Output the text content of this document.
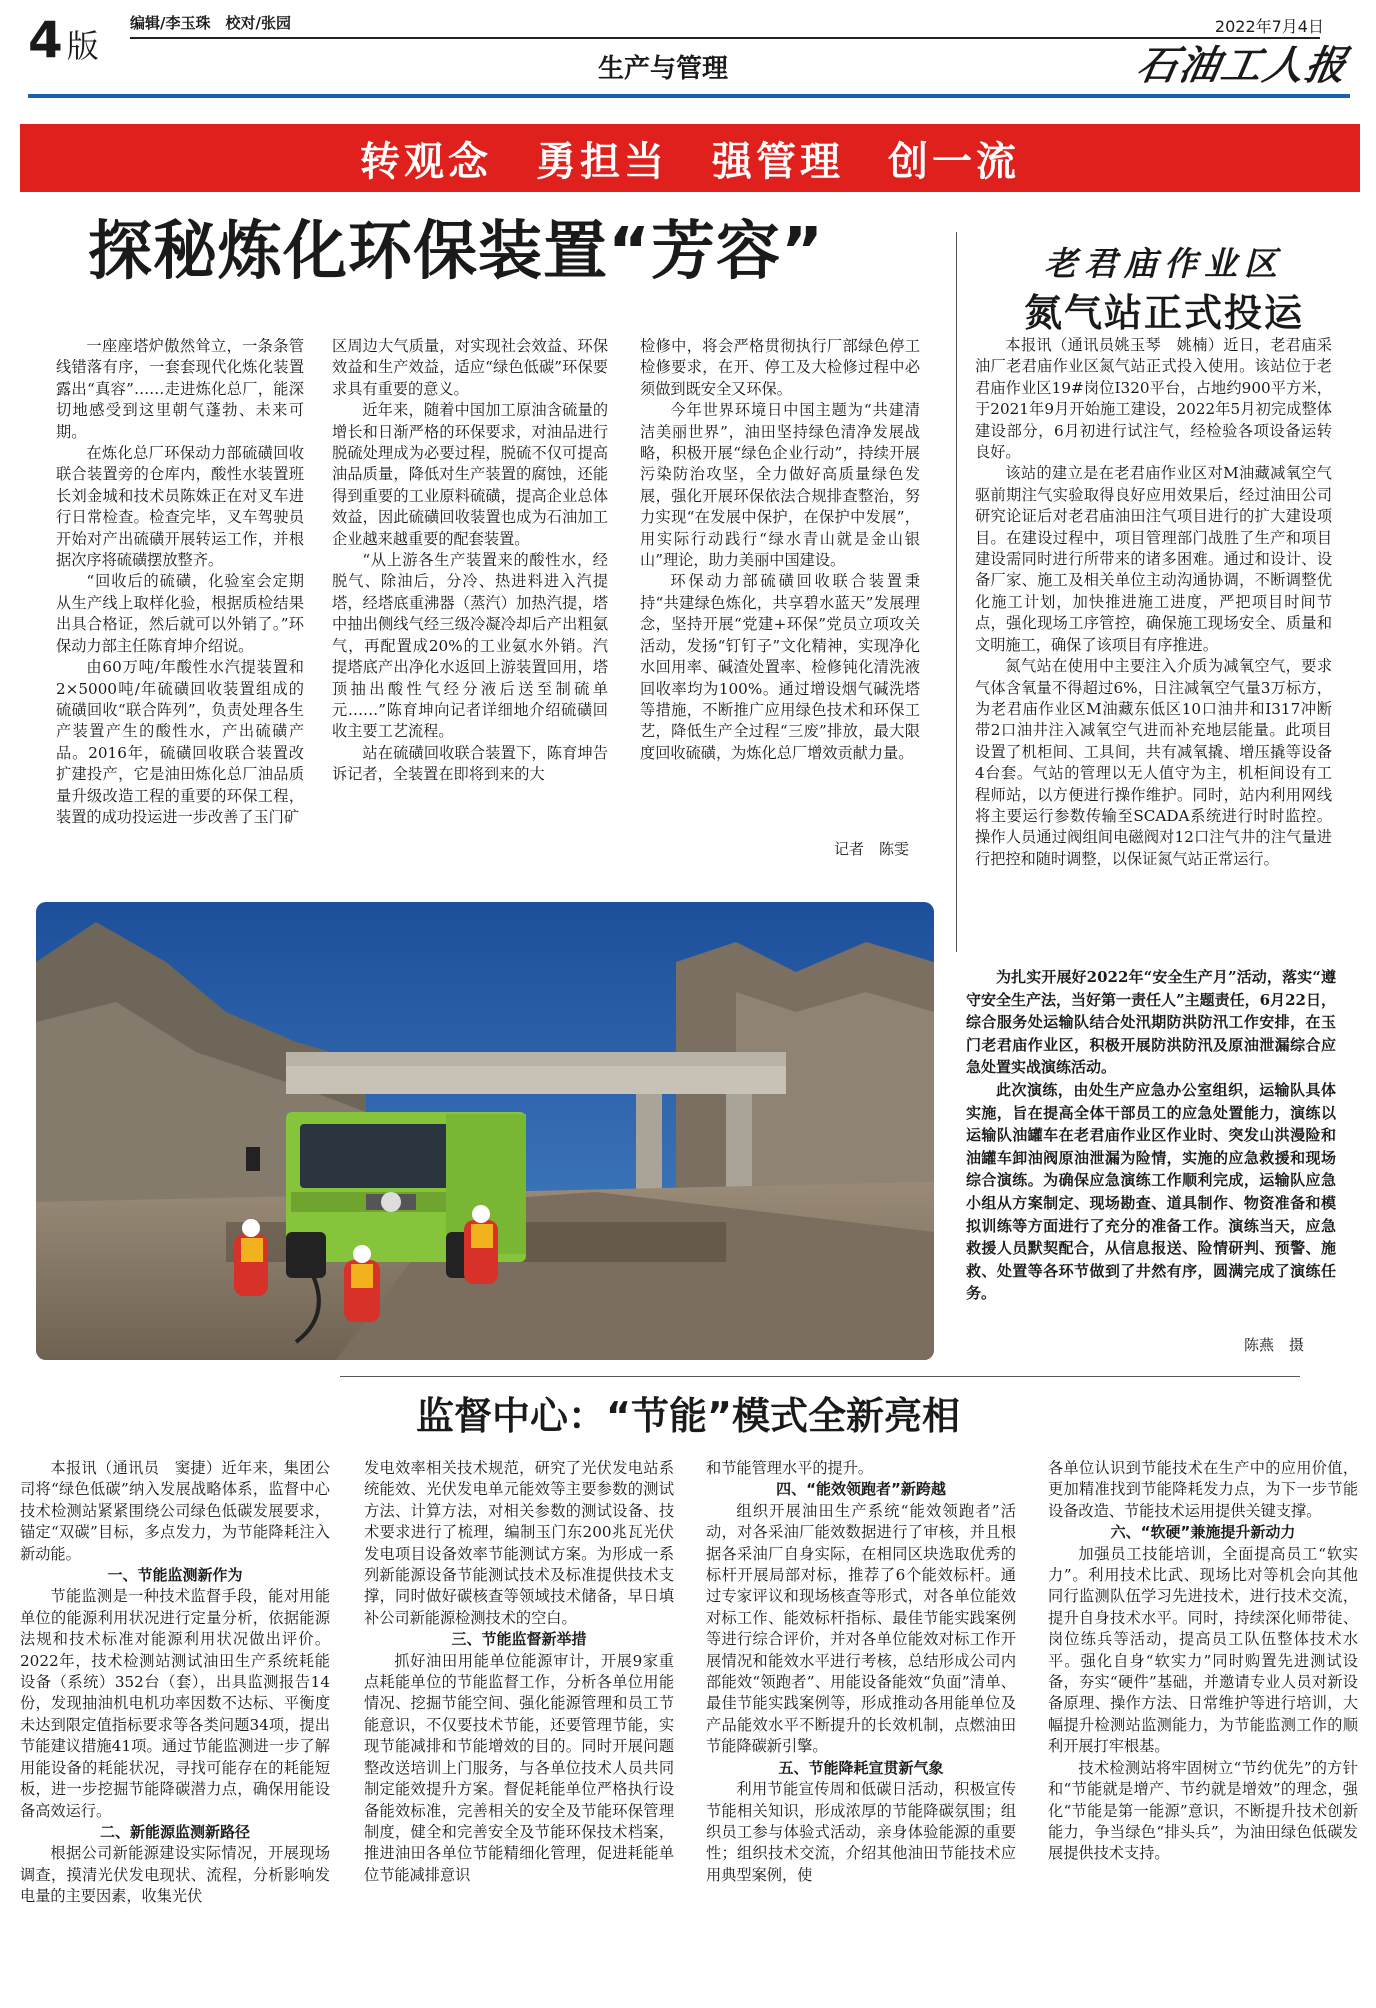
4 版
编辑/李玉珠　校对/张园	2022年7月4日
生产与管理	石油工人报
转观念　勇担当　强管理　创一流
探秘炼化环保装置“芳容”

一座座塔炉傲然耸立，一条条管线错落有序，一套套现代化炼化装置露出“真容”……走进炼化总厂，能深切地感受到这里朝气蓬勃、未来可期。

在炼化总厂环保动力部硫磺回收联合装置旁的仓库内，酸性水装置班长刘金城和技术员陈姝正在对叉车进行日常检查。检查完毕，叉车驾驶员开始对产出硫磺开展转运工作，并根据次序将硫磺摆放整齐。

“回收后的硫磺，化验室会定期从生产线上取样化验，根据质检结果出具合格证，然后就可以外销了。”环保动力部主任陈育坤介绍说。

由60万吨/年酸性水汽提装置和2×5000吨/年硫磺回收装置组成的硫磺回收“联合阵列”，负责处理各生产装置产生的酸性水，产出硫磺产品。2016年，硫磺回收联合装置改扩建投产，它是油田炼化总厂油品质量升级改造工程的重要的环保工程，装置的成功投运进一步改善了玉门矿

区周边大气质量，对实现社会效益、环保效益和生产效益，适应“绿色低碳”环保要求具有重要的意义。

近年来，随着中国加工原油含硫量的增长和日渐严格的环保要求，对油品进行脱硫处理成为必要过程，脱硫不仅可提高油品质量，降低对生产装置的腐蚀，还能得到重要的工业原料硫磺，提高企业总体效益，因此硫磺回收装置也成为石油加工企业越来越重要的配套装置。

“从上游各生产装置来的酸性水，经脱气、除油后，分冷、热进料进入汽提塔，经塔底重沸器（蒸汽）加热汽提，塔中抽出侧线气经三级冷凝冷却后产出粗氨气，再配置成20%的工业氨水外销。汽提塔底产出净化水返回上游装置回用，塔顶抽出酸性气经分液后送至制硫单元……”陈育坤向记者详细地介绍硫磺回收主要工艺流程。

站在硫磺回收联合装置下，陈育坤告诉记者，全装置在即将到来的大

检修中，将会严格贯彻执行厂部绿色停工检修要求，在开、停工及大检修过程中必须做到既安全又环保。

今年世界环境日中国主题为“共建清洁美丽世界”，油田坚持绿色清净发展战略，积极开展“绿色企业行动”，持续开展污染防治攻坚，全力做好高质量绿色发展，强化开展环保依法合规排查整治，努力实现“在发展中保护，在保护中发展”，用实际行动践行“绿水青山就是金山银山”理论，助力美丽中国建设。

环保动力部硫磺回收联合装置秉持“共建绿色炼化，共享碧水蓝天”发展理念，坚持开展“党建+环保”党员立项攻关活动，发扬“钉钉子”文化精神，实现净化水回用率、碱渣处置率、检修钝化清洗液回收率均为100%。通过增设烟气碱洗塔等措施，不断推广应用绿色技术和环保工艺，降低生产全过程“三废”排放，最大限度回收硫磺，为炼化总厂增效贡献力量。

记者　陈雯
老君庙作业区
氮气站正式投运

本报讯（通讯员姚玉琴　姚楠）近日，老君庙采油厂老君庙作业区氮气站正式投入使用。该站位于老君庙作业区19#岗位I320平台，占地约900平方米，于2021年9月开始施工建设，2022年5月初完成整体建设部分，6月初进行试注气，经检验各项设备运转良好。

该站的建立是在老君庙作业区对M油藏减氧空气驱前期注气实验取得良好应用效果后，经过油田公司研究论证后对老君庙油田注气项目进行的扩大建设项目。在建设过程中，项目管理部门战胜了生产和项目建设需同时进行所带来的诸多困难。通过和设计、设备厂家、施工及相关单位主动沟通协调，不断调整优化施工计划，加快推进施工进度，严把项目时间节点，强化现场工序管控，确保施工现场安全、质量和文明施工，确保了该项目有序推进。

氮气站在使用中主要注入介质为减氧空气，要求气体含氧量不得超过6%，日注减氧空气量3万标方，为老君庙作业区M油藏东低区10口油井和I317冲断带2口油井注入减氧空气进而补充地层能量。此项目设置了机柜间、工具间，共有减氧撬、增压撬等设备4台套。气站的管理以无人值守为主，机柜间设有工程师站，以方便进行操作维护。同时，站内利用网线将主要运行参数传输至SCADA系统进行时时监控。操作人员通过阀组间电磁阀对12口注气井的注气量进行把控和随时调整，以保证氮气站正常运行。

为扎实开展好2022年“安全生产月”活动，落实“遵守安全生产法，当好第一责任人”主题责任，6月22日，综合服务处运输队结合处汛期防洪防汛工作安排，在玉门老君庙作业区，积极开展防洪防汛及原油泄漏综合应急处置实战演练活动。

此次演练，由处生产应急办公室组织，运输队具体实施，旨在提高全体干部员工的应急处置能力，演练以运输队油罐车在老君庙作业区作业时、突发山洪漫险和油罐车卸油阀原油泄漏为险情，实施的应急救援和现场综合演练。为确保应急演练工作顺利完成，运输队应急小组从方案制定、现场勘查、道具制作、物资准备和模拟训练等方面进行了充分的准备工作。演练当天，应急救援人员默契配合，从信息报送、险情研判、预警、施救、处置等各环节做到了井然有序，圆满完成了演练任务。

陈燕　摄
监督中心：“节能”模式全新亮相

本报讯（通讯员　窦捷）近年来，集团公司将“绿色低碳”纳入发展战略体系，监督中心技术检测站紧紧围绕公司绿色低碳发展要求，锚定“双碳”目标，多点发力，为节能降耗注入新动能。

一、节能监测新作为

节能监测是一种技术监督手段，能对用能单位的能源利用状况进行定量分析，依据能源法规和技术标准对能源利用状况做出评价。2022年，技术检测站测试油田生产系统耗能设备（系统）352台（套），出具监测报告14份，发现抽油机电机功率因数不达标、平衡度未达到限定值指标要求等各类问题34项，提出节能建议措施41项。通过节能监测进一步了解用能设备的耗能状况，寻找可能存在的耗能短板，进一步挖掘节能降碳潜力点，确保用能设备高效运行。

二、新能源监测新路径

根据公司新能源建设实际情况，开展现场调查，摸清光伏发电现状、流程，分析影响发电量的主要因素，收集光伏

发电效率相关技术规范，研究了光伏发电站系统能效、光伏发电单元能效等主要参数的测试方法、计算方法，对相关参数的测试设备、技术要求进行了梳理，编制玉门东200兆瓦光伏发电项目设备效率节能测试方案。为形成一系列新能源设备节能测试技术及标准提供技术支撑，同时做好碳核查等领域技术储备，早日填补公司新能源检测技术的空白。

三、节能监督新举措

抓好油田用能单位能源审计，开展9家重点耗能单位的节能监督工作，分析各单位用能情况、挖掘节能空间、强化能源管理和员工节能意识，不仅要技术节能，还要管理节能，实现节能减排和节能增效的目的。同时开展问题整改送培训上门服务，与各单位技术人员共同制定能效提升方案。督促耗能单位严格执行设备能效标准，完善相关的安全及节能环保管理制度，健全和完善安全及节能环保技术档案，推进油田各单位节能精细化管理，促进耗能单位节能减排意识

和节能管理水平的提升。

四、“能效领跑者”新跨越

组织开展油田生产系统“能效领跑者”活动，对各采油厂能效数据进行了审核，并且根据各采油厂自身实际，在相同区块选取优秀的标杆开展局部对标，推荐了6个能效标杆。通过专家评议和现场核查等形式，对各单位能效对标工作、能效标杆指标、最佳节能实践案例等进行综合评价，并对各单位能效对标工作开展情况和能效水平进行考核，总结形成公司内部能效“领跑者”、用能设备能效“负面”清单、最佳节能实践案例等，形成推动各用能单位及产品能效水平不断提升的长效机制，点燃油田节能降碳新引擎。

五、节能降耗宣贯新气象

利用节能宣传周和低碳日活动，积极宣传节能相关知识，形成浓厚的节能降碳氛围；组织员工参与体验式活动，亲身体验能源的重要性；组织技术交流，介绍其他油田节能技术应用典型案例，使

各单位认识到节能技术在生产中的应用价值，更加精准找到节能降耗发力点，为下一步节能设备改造、节能技术运用提供关键支撑。

六、“软硬”兼施提升新动力

加强员工技能培训，全面提高员工“软实力”。利用技术比武、现场比对等机会向其他同行监测队伍学习先进技术，进行技术交流，提升自身技术水平。同时，持续深化师带徒、岗位练兵等活动，提高员工队伍整体技术水平。强化自身“软实力”同时购置先进测试设备，夯实“硬件”基础，并邀请专业人员对新设备原理、操作方法、日常维护等进行培训，大幅提升检测站监测能力，为节能监测工作的顺利开展打牢根基。

技术检测站将牢固树立“节约优先”的方针和“节能就是增产、节约就是增效”的理念，强化“节能是第一能源”意识，不断提升技术创新能力，争当绿色“排头兵”，为油田绿色低碳发展提供技术支持。
